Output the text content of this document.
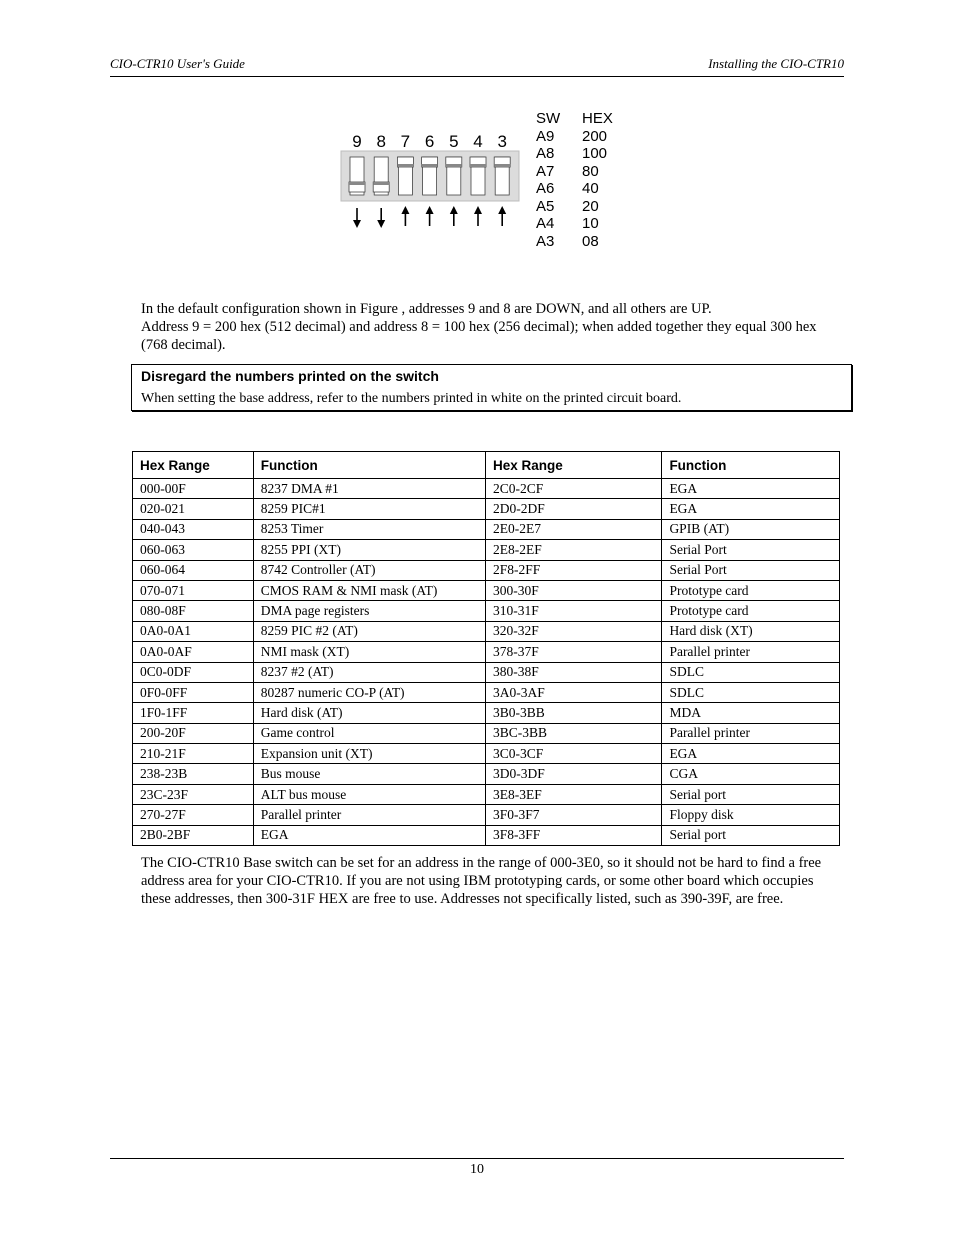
CIO-CTR10 User's Guide	Installing the CIO-CTR10
9 8 7 6 5 4 3
SW HEX
A9 200
A8 100
A7 80
A6 40
A5 20
A4 10
A3 08
In the default configuration shown in Figure , addresses 9 and 8 are DOWN, and all others are UP.
Address 9 = 200 hex (512 decimal) and address 8 = 100 hex (256 decimal); when added together they equal 300 hex (768 decimal).
Disregard the numbers printed on the switch
When setting the base address, refer to the numbers printed in white on the printed circuit board.
Hex Range	Function	Hex Range	Function
000-00F	8237 DMA #1	2C0-2CF	EGA
020-021	8259 PIC#1	2D0-2DF	EGA
040-043	8253 Timer	2E0-2E7	GPIB (AT)
060-063	8255 PPI (XT)	2E8-2EF	Serial Port
060-064	8742 Controller (AT)	2F8-2FF	Serial Port
070-071	CMOS RAM & NMI mask (AT)	300-30F	Prototype card
080-08F	DMA page registers	310-31F	Prototype card
0A0-0A1	8259 PIC #2 (AT)	320-32F	Hard disk (XT)
0A0-0AF	NMI mask (XT)	378-37F	Parallel printer
0C0-0DF	8237 #2 (AT)	380-38F	SDLC
0F0-0FF	80287 numeric CO-P (AT)	3A0-3AF	SDLC
1F0-1FF	Hard disk (AT)	3B0-3BB	MDA
200-20F	Game control	3BC-3BB	Parallel printer
210-21F	Expansion unit (XT)	3C0-3CF	EGA
238-23B	Bus mouse	3D0-3DF	CGA
23C-23F	ALT bus mouse	3E8-3EF	Serial port
270-27F	Parallel printer	3F0-3F7	Floppy disk
2B0-2BF	EGA	3F8-3FF	Serial port
The CIO-CTR10 Base switch can be set for an address in the range of 000-3E0, so it should not be hard to find a free address area for your CIO-CTR10. If you are not using IBM prototyping cards, or some other board which occupies these addresses, then 300-31F HEX are free to use. Addresses not specifically listed, such as 390-39F, are free.
10
